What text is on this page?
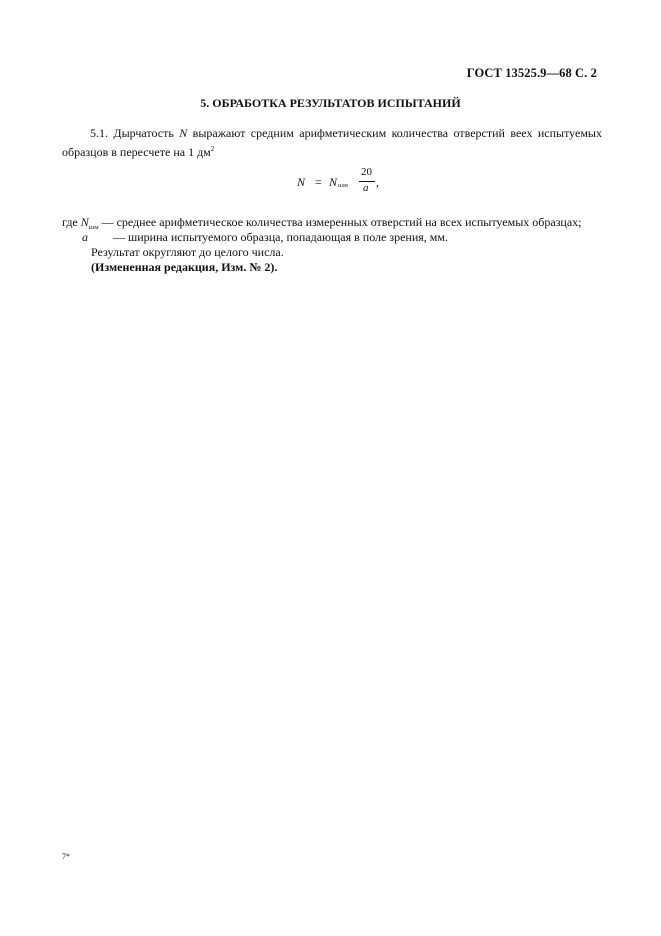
ГОСТ 13525.9—68 С. 2
5. ОБРАБОТКА РЕЗУЛЬТАТОВ ИСПЫТАНИЙ
5.1. Дырчатость N выражают средним арифметическим количества отверстий веех испытуемых образцов в пересчете на 1 $дм^2$
N = N изм
20
a ,
где $N_{изм}$ — среднее арифметическое количества измеренных отверстий на всех испытуемых образцах;
a — ширина испытуемого образца, попадающая в поле зрения, мм.
Результат округляют до целого числа.
(Измененная редакция, Изм. № 2).
7*
